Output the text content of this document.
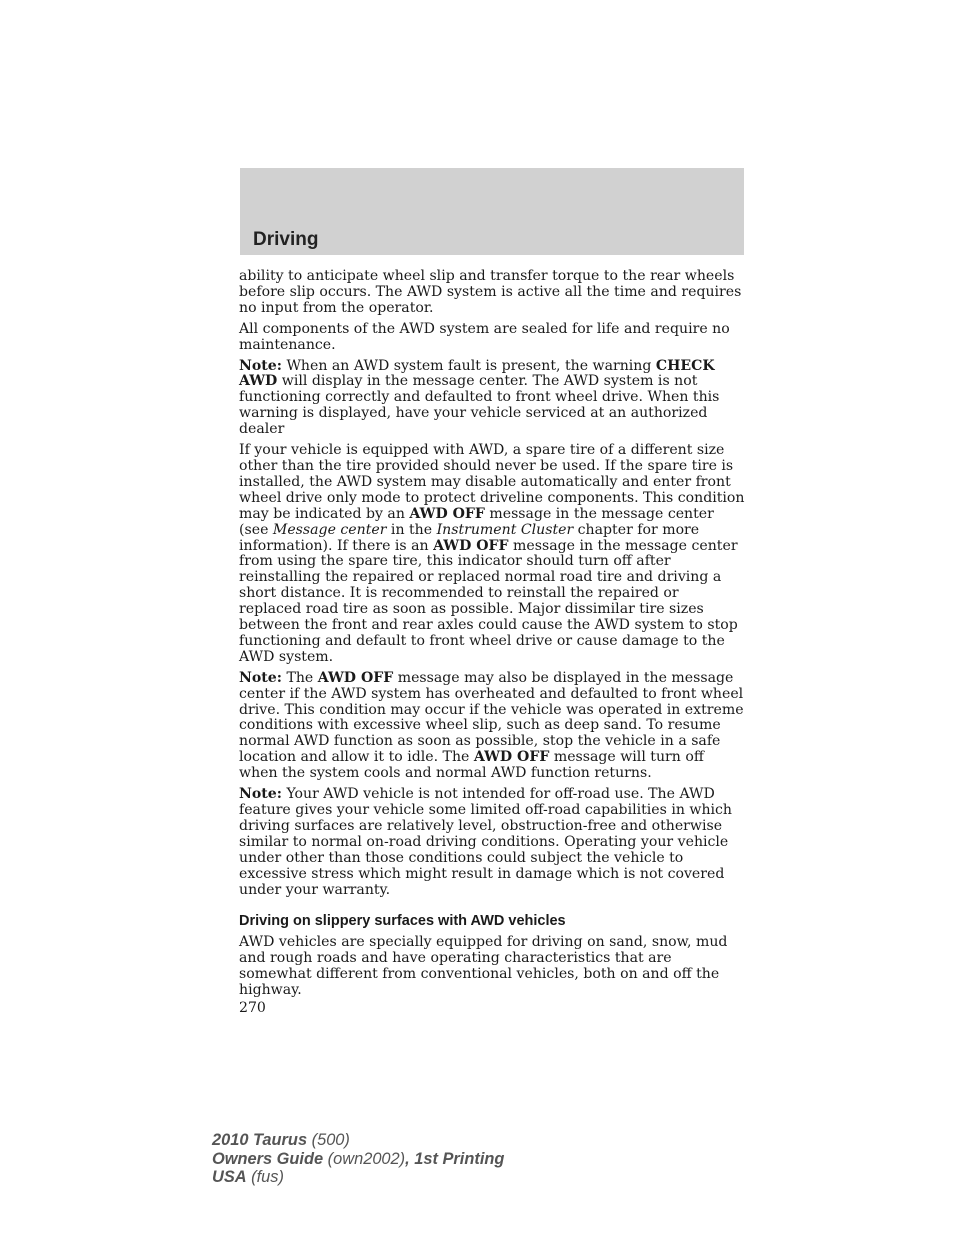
Driving

ability to anticipate wheel slip and transfer torque to the rear wheels before slip occurs. The AWD system is active all the time and requires no input from the operator.

All components of the AWD system are sealed for life and require no maintenance.

Note: When an AWD system fault is present, the warning CHECK AWD will display in the message center. The AWD system is not functioning correctly and defaulted to front wheel drive. When this warning is displayed, have your vehicle serviced at an authorized dealer

If your vehicle is equipped with AWD, a spare tire of a different size other than the tire provided should never be used. If the spare tire is installed, the AWD system may disable automatically and enter front wheel drive only mode to protect driveline components. This condition may be indicated by an AWD OFF message in the message center (see Message center in the Instrument Cluster chapter for more information). If there is an AWD OFF message in the message center from using the spare tire, this indicator should turn off after reinstalling the repaired or replaced normal road tire and driving a short distance. It is recommended to reinstall the repaired or replaced road tire as soon as possible. Major dissimilar tire sizes between the front and rear axles could cause the AWD system to stop functioning and default to front wheel drive or cause damage to the AWD system.

Note: The AWD OFF message may also be displayed in the message center if the AWD system has overheated and defaulted to front wheel drive. This condition may occur if the vehicle was operated in extreme conditions with excessive wheel slip, such as deep sand. To resume normal AWD function as soon as possible, stop the vehicle in a safe location and allow it to idle. The AWD OFF message will turn off when the system cools and normal AWD function returns.

Note: Your AWD vehicle is not intended for off-road use. The AWD feature gives your vehicle some limited off-road capabilities in which driving surfaces are relatively level, obstruction-free and otherwise similar to normal on-road driving conditions. Operating your vehicle under other than those conditions could subject the vehicle to excessive stress which might result in damage which is not covered under your warranty.

Driving on slippery surfaces with AWD vehicles

AWD vehicles are specially equipped for driving on sand, snow, mud and rough roads and have operating characteristics that are somewhat different from conventional vehicles, both on and off the highway.

270
2010 Taurus (500)
Owners Guide (own2002), 1st Printing
USA (fus)
